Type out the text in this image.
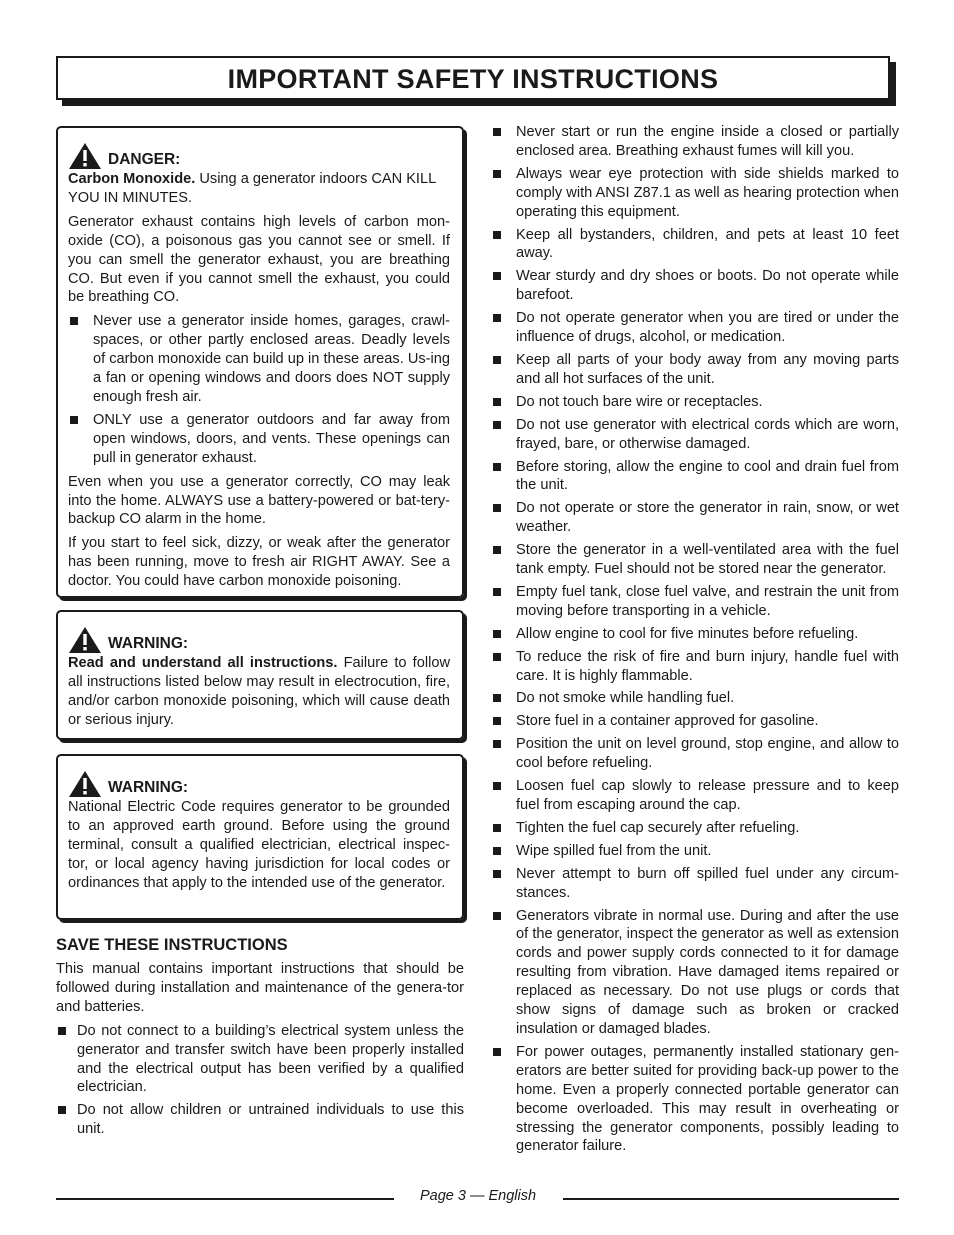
IMPORTANT SAFETY INSTRUCTIONS
DANGER:

Carbon Monoxide. Using a generator indoors CAN KILL YOU IN MINUTES.

Generator exhaust contains high levels of carbon mon-oxide (CO), a poisonous gas you cannot see or smell. If you can smell the generator exhaust, you are breathing CO. But even if you cannot smell the exhaust, you could be breathing CO.

Never use a generator inside homes, garages, crawl-spaces, or other partly enclosed areas. Deadly levels of carbon monoxide can build up in these areas. Us-ing a fan or opening windows and doors does NOT supply enough fresh air.
ONLY use a generator outdoors and far away from open windows, doors, and vents. These openings can pull in generator exhaust.

Even when you use a generator correctly, CO may leak into the home. ALWAYS use a battery-powered or bat-tery-backup CO alarm in the home.

If you start to feel sick, dizzy, or weak after the generator has been running, move to fresh air RIGHT AWAY. See a doctor. You could have carbon monoxide poisoning.

WARNING:

Read and understand all instructions. Failure to follow all instructions listed below may result in electrocution, fire, and/or carbon monoxide poisoning, which will cause death or serious injury.

WARNING:

National Electric Code requires generator to be grounded to an approved earth ground. Before using the ground terminal, consult a qualified electrician, electrical inspec-tor, or local agency having jurisdiction for local codes or ordinances that apply to the intended use of the generator.

SAVE THESE INSTRUCTIONS

This manual contains important instructions that should be followed during installation and maintenance of the genera-tor and batteries.

Do not connect to a building’s electrical system unless the generator and transfer switch have been properly installed and the electrical output has been verified by a qualified electrician.
Do not allow children or untrained individuals to use this unit.
Never start or run the engine inside a closed or partially enclosed area. Breathing exhaust fumes will kill you.
Always wear eye protection with side shields marked to comply with ANSI Z87.1 as well as hearing protection when operating this equipment.
Keep all bystanders, children, and pets at least 10 feet away.
Wear sturdy and dry shoes or boots. Do not operate while barefoot.
Do not operate generator when you are tired or under the influence of drugs, alcohol, or medication.
Keep all parts of your body away from any moving parts and all hot surfaces of the unit.
Do not touch bare wire or receptacles.
Do not use generator with electrical cords which are worn, frayed, bare, or otherwise damaged.
Before storing, allow the engine to cool and drain fuel from the unit.
Do not operate or store the generator in rain, snow, or wet weather.
Store the generator in a well-ventilated area with the fuel tank empty. Fuel should not be stored near the generator.
Empty fuel tank, close fuel valve, and restrain the unit from moving before transporting in a vehicle.
Allow engine to cool for five minutes before refueling.
To reduce the risk of fire and burn injury, handle fuel with care. It is highly flammable.
Do not smoke while handling fuel.
Store fuel in a container approved for gasoline.
Position the unit on level ground, stop engine, and allow to cool before refueling.
Loosen fuel cap slowly to release pressure and to keep fuel from escaping around the cap.
Tighten the fuel cap securely after refueling.
Wipe spilled fuel from the unit.
Never attempt to burn off spilled fuel under any circum-stances.
Generators vibrate in normal use. During and after the use of the generator, inspect the generator as well as extension cords and power supply cords connected to it for damage resulting from vibration. Have damaged items repaired or replaced as necessary. Do not use plugs or cords that show signs of damage such as broken or cracked insulation or damaged blades.
For power outages, permanently installed stationary gen-erators are better suited for providing back-up power to the home. Even a properly connected portable generator can become overloaded. This may result in overheating or stressing the generator components, possibly leading to generator failure.
Page 3 — English
